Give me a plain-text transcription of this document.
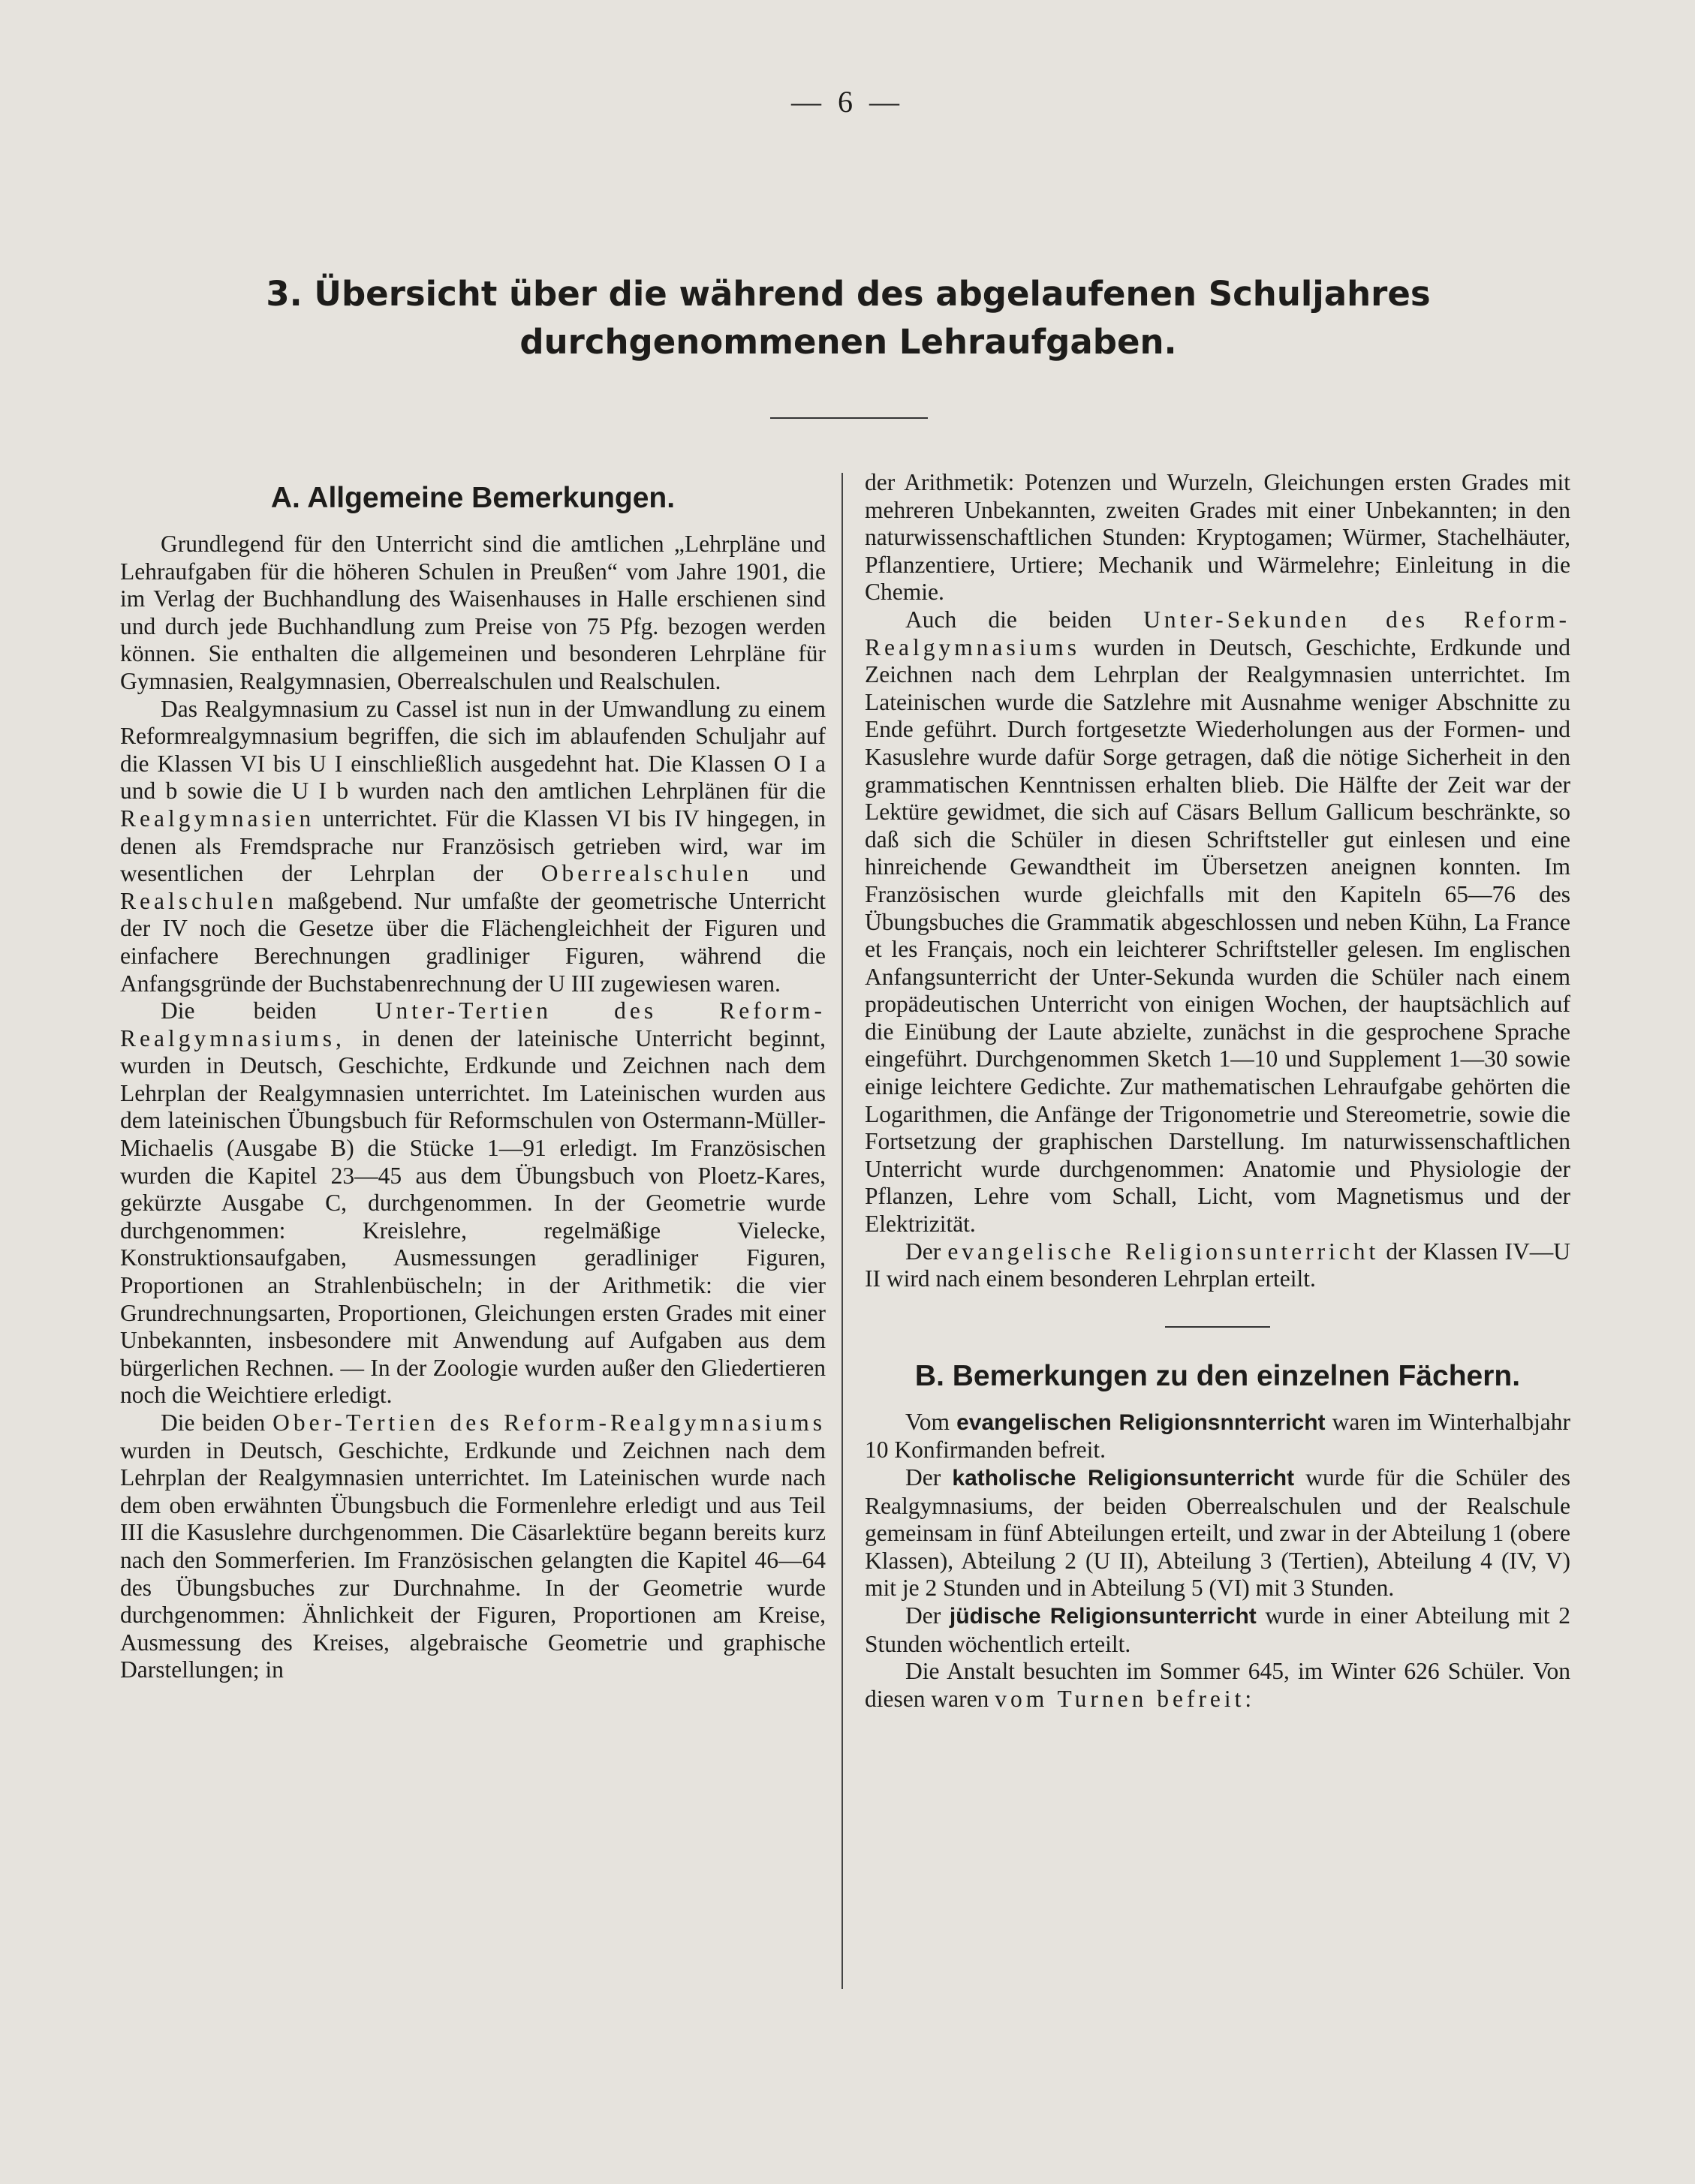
— 6 —
3. Übersicht über die während des abgelaufenen Schuljahres durchgenommenen Lehraufgaben.
A. Allgemeine Bemerkungen.

Grundlegend für den Unterricht sind die amtlichen „Lehrpläne und Lehraufgaben für die höheren Schulen in Preußen“ vom Jahre 1901, die im Verlag der Buchhandlung des Waisenhauses in Halle erschienen sind und durch jede Buchhandlung zum Preise von 75 Pfg. bezogen werden können. Sie enthalten die allgemeinen und besonderen Lehrpläne für Gymnasien, Realgymnasien, Oberrealschulen und Realschulen.

Das Realgymnasium zu Cassel ist nun in der Umwandlung zu einem Reformrealgymnasium begriffen, die sich im ablaufenden Schuljahr auf die Klassen VI bis U I einschließlich ausgedehnt hat. Die Klassen O I a und b sowie die U I b wurden nach den amtlichen Lehrplänen für die Realgymnasien unterrichtet. Für die Klassen VI bis IV hingegen, in denen als Fremdsprache nur Französisch getrieben wird, war im wesentlichen der Lehrplan der Oberrealschulen und Realschulen maßgebend. Nur umfaßte der geometrische Unterricht der IV noch die Gesetze über die Flächengleichheit der Figuren und einfachere Berechnungen gradliniger Figuren, während die Anfangsgründe der Buchstabenrechnung der U III zugewiesen waren.

Die beiden Unter-Tertien des Reform-Realgymnasiums, in denen der lateinische Unterricht beginnt, wurden in Deutsch, Geschichte, Erdkunde und Zeichnen nach dem Lehrplan der Realgymnasien unterrichtet. Im Lateinischen wurden aus dem lateinischen Übungsbuch für Reformschulen von Ostermann-Müller-Michaelis (Ausgabe B) die Stücke 1—91 erledigt. Im Französischen wurden die Kapitel 23—45 aus dem Übungsbuch von Ploetz-Kares, gekürzte Ausgabe C, durchgenommen. In der Geometrie wurde durchgenommen: Kreislehre, regelmäßige Vielecke, Konstruktionsaufgaben, Ausmessungen geradliniger Figuren, Proportionen an Strahlenbüscheln; in der Arithmetik: die vier Grundrechnungsarten, Proportionen, Gleichungen ersten Grades mit einer Unbekannten, insbesondere mit Anwendung auf Aufgaben aus dem bürgerlichen Rechnen. — In der Zoologie wurden außer den Gliedertieren noch die Weichtiere erledigt.

Die beiden Ober-Tertien des Reform-Realgymnasiums wurden in Deutsch, Geschichte, Erdkunde und Zeichnen nach dem Lehrplan der Realgymnasien unterrichtet. Im Lateinischen wurde nach dem oben erwähnten Übungsbuch die Formenlehre erledigt und aus Teil III die Kasuslehre durchgenommen. Die Cäsarlektüre begann bereits kurz nach den Sommerferien. Im Französischen gelangten die Kapitel 46—64 des Übungsbuches zur Durchnahme. In der Geometrie wurde durchgenommen: Ähnlichkeit der Figuren, Proportionen am Kreise, Ausmessung des Kreises, algebraische Geometrie und graphische Darstellungen; in

der Arithmetik: Potenzen und Wurzeln, Gleichungen ersten Grades mit mehreren Unbekannten, zweiten Grades mit einer Unbekannten; in den naturwissenschaftlichen Stunden: Kryptogamen; Würmer, Stachelhäuter, Pflanzentiere, Urtiere; Mechanik und Wärmelehre; Einleitung in die Chemie.

Auch die beiden Unter-Sekunden des Reform-Realgymnasiums wurden in Deutsch, Geschichte, Erdkunde und Zeichnen nach dem Lehrplan der Realgymnasien unterrichtet. Im Lateinischen wurde die Satzlehre mit Ausnahme weniger Abschnitte zu Ende geführt. Durch fortgesetzte Wiederholungen aus der Formen- und Kasuslehre wurde dafür Sorge getragen, daß die nötige Sicherheit in den grammatischen Kenntnissen erhalten blieb. Die Hälfte der Zeit war der Lektüre gewidmet, die sich auf Cäsars Bellum Gallicum beschränkte, so daß sich die Schüler in diesen Schriftsteller gut einlesen und eine hinreichende Gewandtheit im Übersetzen aneignen konnten. Im Französischen wurde gleichfalls mit den Kapiteln 65—76 des Übungsbuches die Grammatik abgeschlossen und neben Kühn, La France et les Français, noch ein leichterer Schriftsteller gelesen. Im englischen Anfangsunterricht der Unter-Sekunda wurden die Schüler nach einem propädeutischen Unterricht von einigen Wochen, der hauptsächlich auf die Einübung der Laute abzielte, zunächst in die gesprochene Sprache eingeführt. Durchgenommen Sketch 1—10 und Supplement 1—30 sowie einige leichtere Gedichte. Zur mathematischen Lehraufgabe gehörten die Logarithmen, die Anfänge der Trigonometrie und Stereometrie, sowie die Fortsetzung der graphischen Darstellung. Im naturwissenschaftlichen Unterricht wurde durchgenommen: Anatomie und Physiologie der Pflanzen, Lehre vom Schall, Licht, vom Magnetismus und der Elektrizität.

Der evangelische Religionsunterricht der Klassen IV—U II wird nach einem besonderen Lehrplan erteilt.

B. Bemerkungen zu den einzelnen Fächern.

Vom evangelischen Religionsnnterricht waren im Winterhalbjahr 10 Konfirmanden befreit.

Der katholische Religionsunterricht wurde für die Schüler des Realgymnasiums, der beiden Oberrealschulen und der Realschule gemeinsam in fünf Abteilungen erteilt, und zwar in der Abteilung 1 (obere Klassen), Abteilung 2 (U II), Abteilung 3 (Tertien), Abteilung 4 (IV, V) mit je 2 Stunden und in Abteilung 5 (VI) mit 3 Stunden.

Der jüdische Religionsunterricht wurde in einer Abteilung mit 2 Stunden wöchentlich erteilt.

Die Anstalt besuchten im Sommer 645, im Winter 626 Schüler. Von diesen waren vom Turnen befreit:
